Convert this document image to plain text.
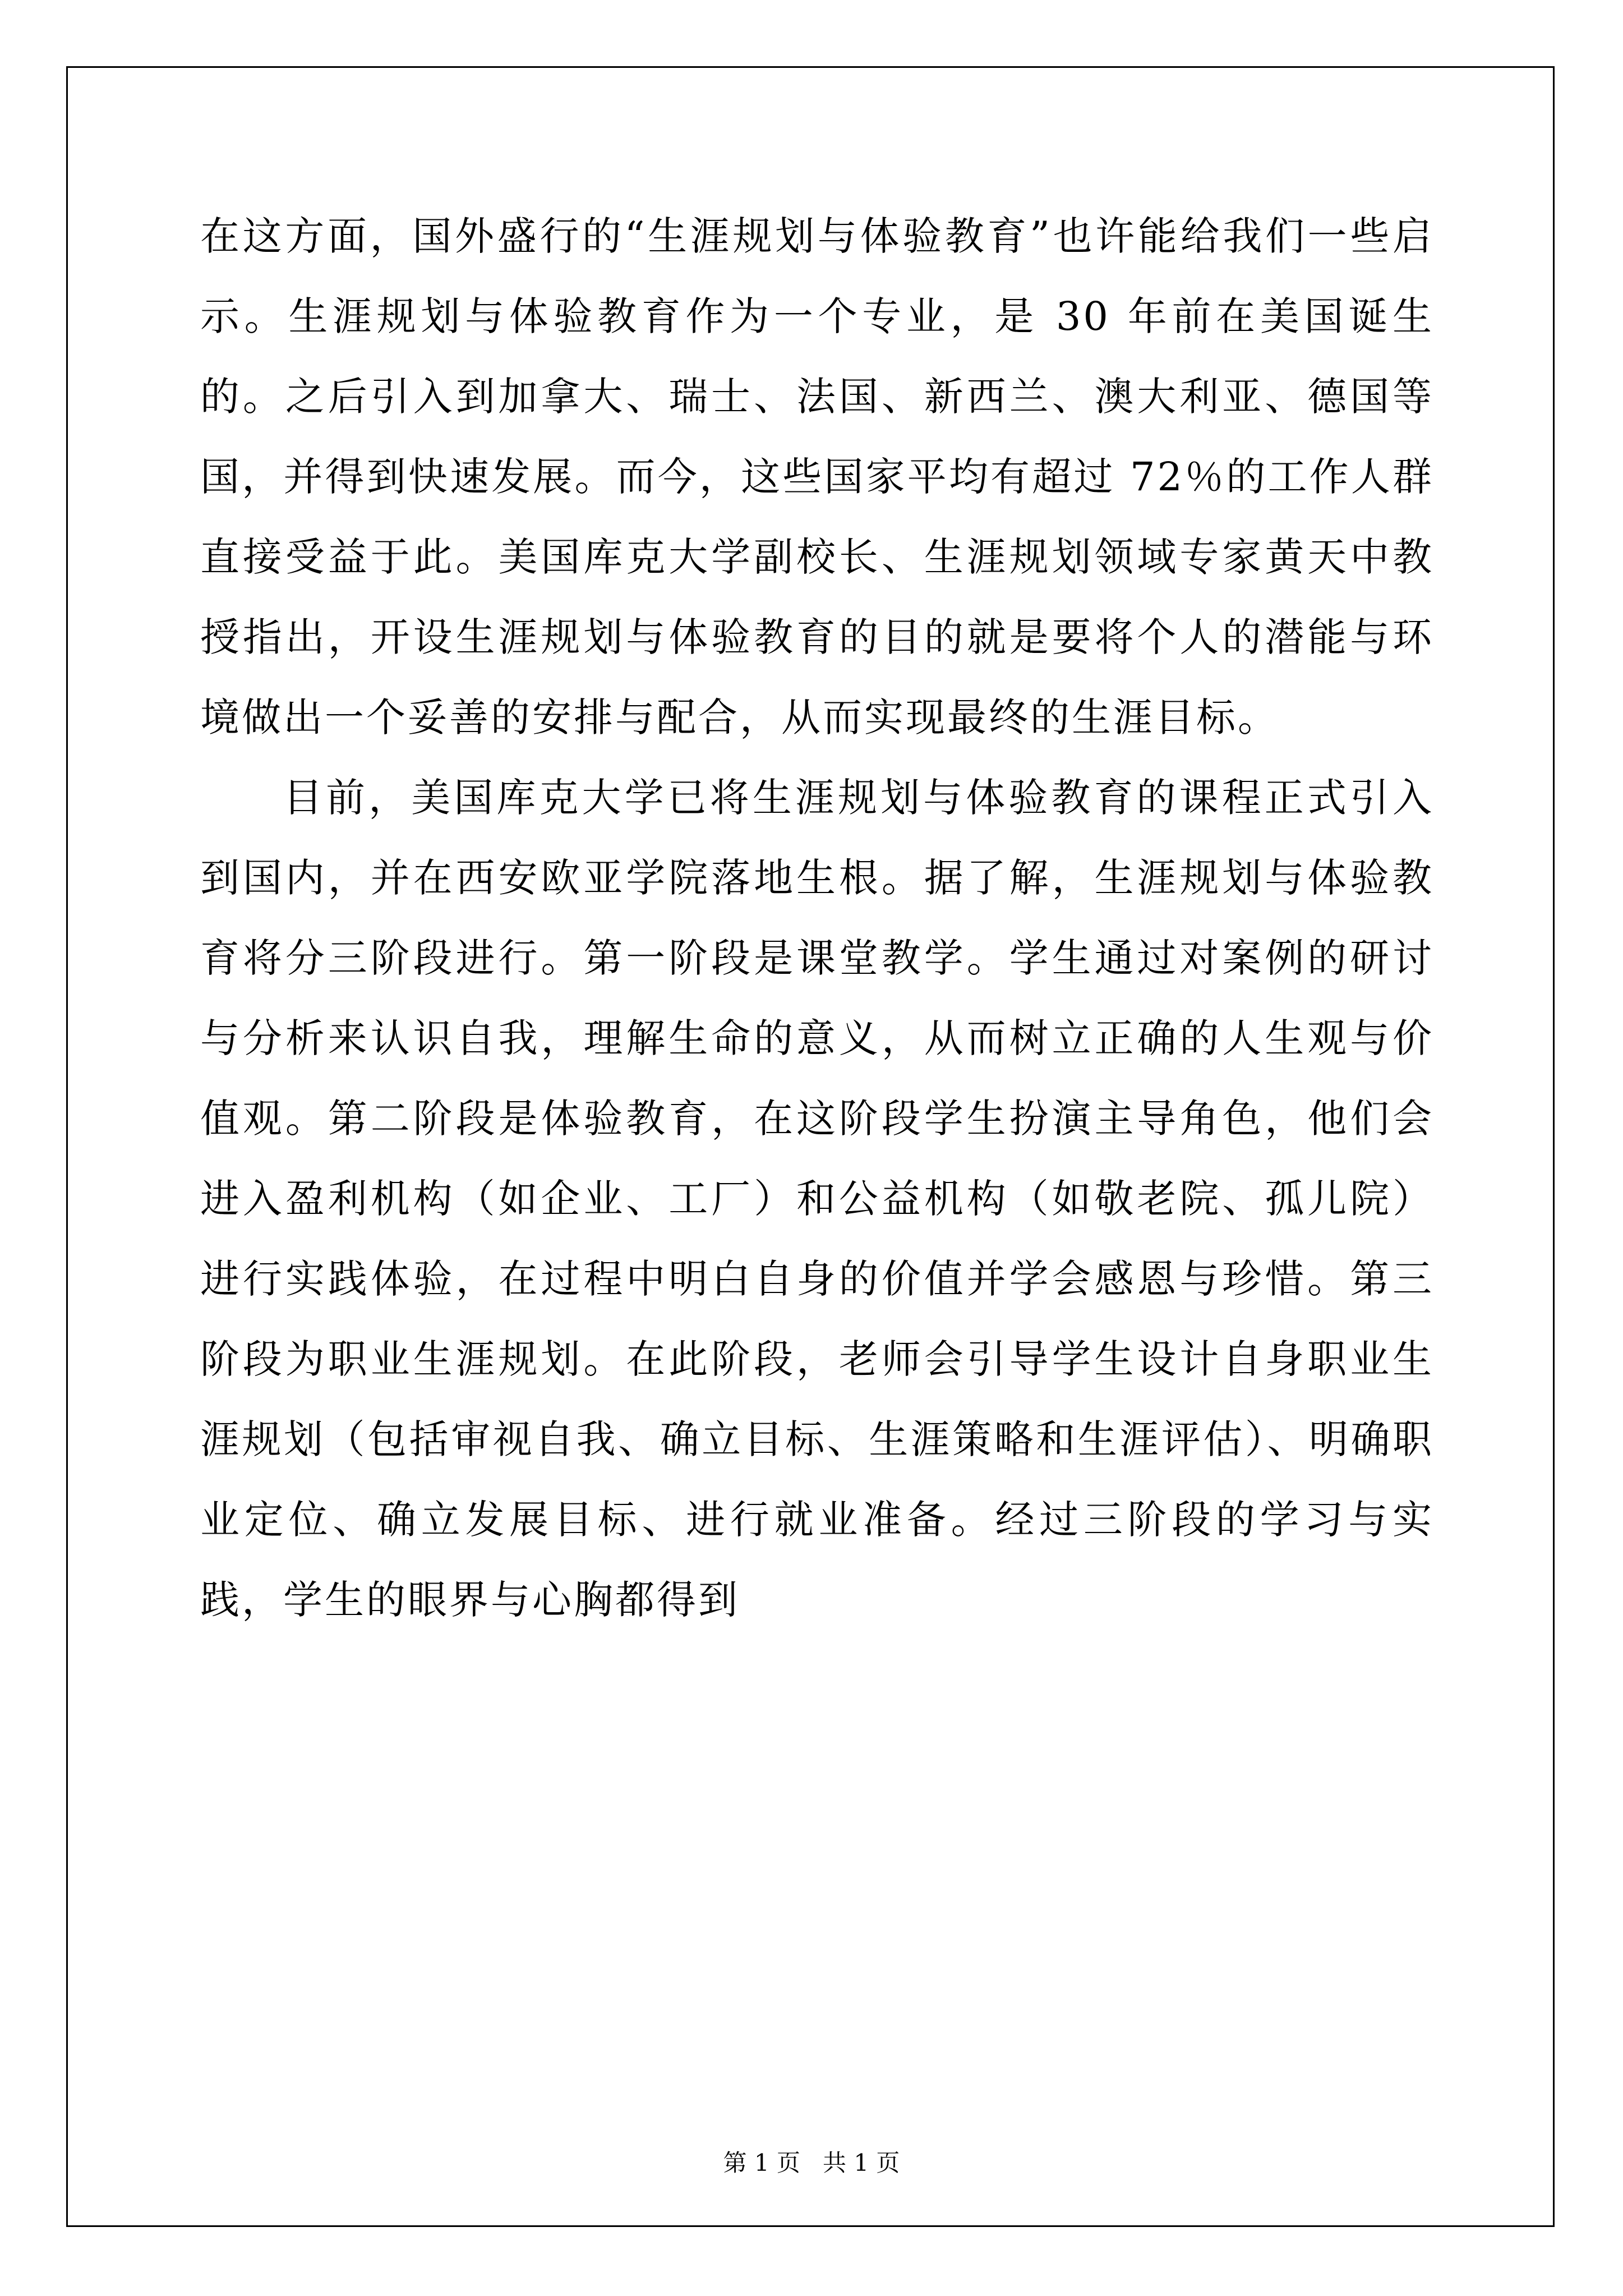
在这方面，国外盛行的“生涯规划与体验教育”也许能给我们一些启示。生涯规划与体验教育作为一个专业，是 30 年前在美国诞生的。之后引入到加拿大、瑞士、法国、新西兰、澳大利亚、德国等国，并得到快速发展。而今，这些国家平均有超过 72％的工作人群直接受益于此。美国库克大学副校长、生涯规划领域专家黄天中教授指出，开设生涯规划与体验教育的目的就是要将个人的潜能与环境做出一个妥善的安排与配合，从而实现最终的生涯目标。

目前，美国库克大学已将生涯规划与体验教育的课程正式引入到国内，并在西安欧亚学院落地生根。据了解，生涯规划与体验教育将分三阶段进行。第一阶段是课堂教学。学生通过对案例的研讨与分析来认识自我，理解生命的意义，从而树立正确的人生观与价值观。第二阶段是体验教育，在这阶段学生扮演主导角色，他们会进入盈利机构（如企业、工厂）和公益机构（如敬老院、孤儿院）进行实践体验，在过程中明白自身的价值并学会感恩与珍惜。第三阶段为职业生涯规划。在此阶段，老师会引导学生设计自身职业生涯规划（包括审视自我、确立目标、生涯策略和生涯评估）、明确职业定位、确立发展目标、进行就业准备。经过三阶段的学习与实践，学生的眼界与心胸都得到

第 1 页 共 1 页
